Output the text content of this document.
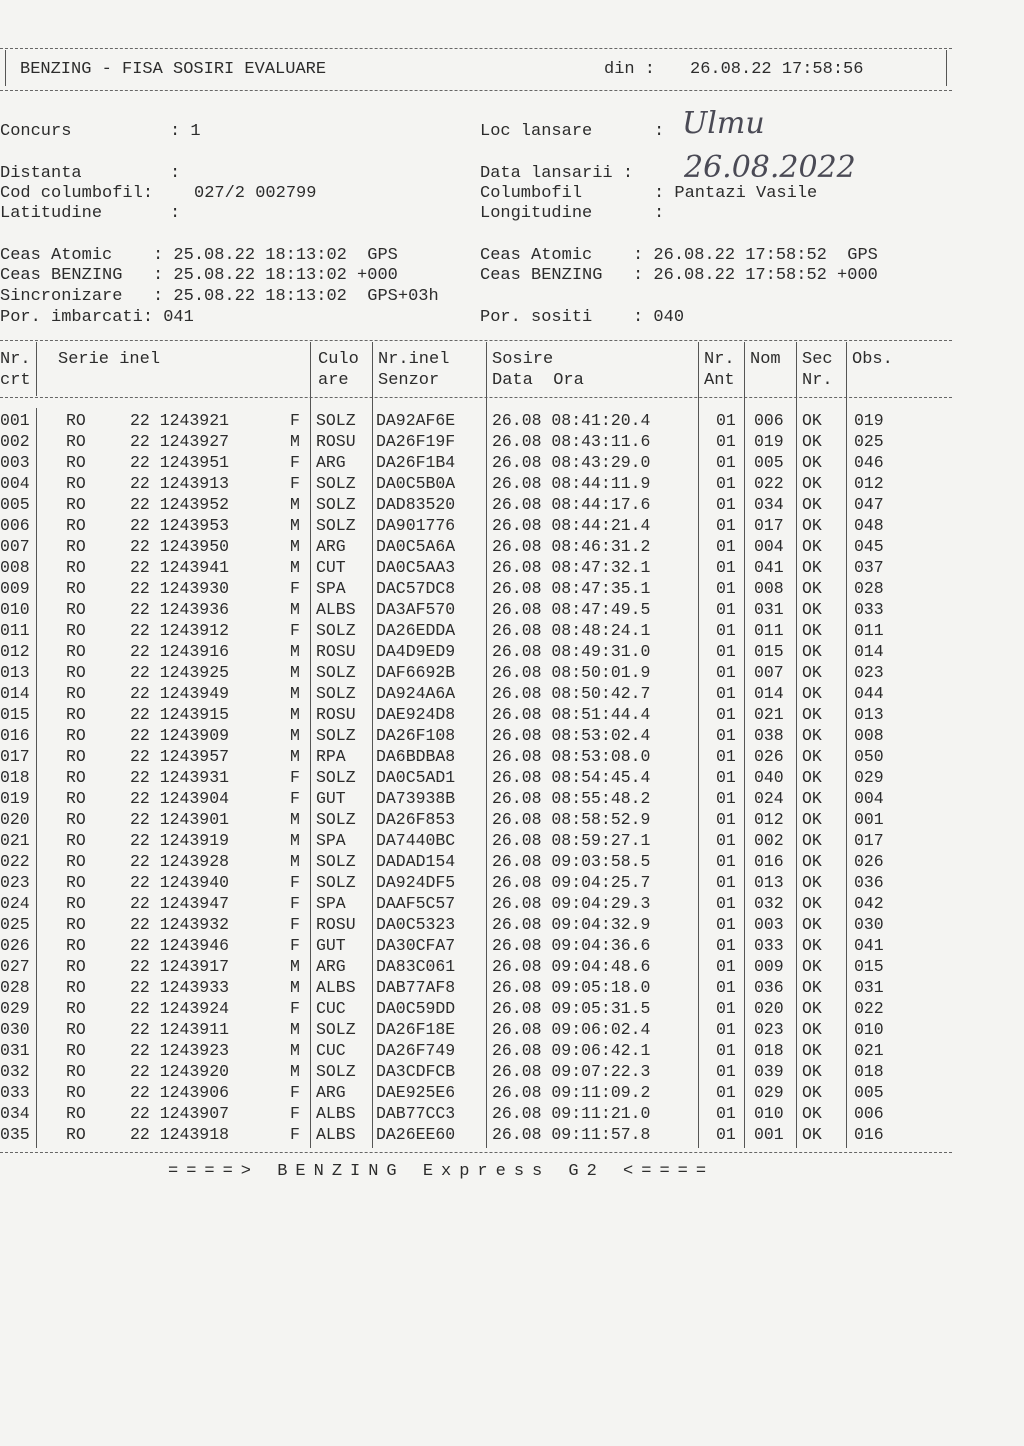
BENZING - FISA SOSIRI EVALUARE	din : 26.08.22 17:58:56
Concurs	: 1	Loc lansare	: Ulmu
Distanta	:	Data lansarii : 26.08.2022
Cod columbofil: 027/2 002799	Columbofil	: Pantazi Vasile
Latitudine	:	Longitudine	:
Ceas Atomic    : 25.08.22 18:13:02  GPS	Ceas Atomic    : 26.08.22 17:58:52  GPS
Ceas BENZING   : 25.08.22 18:13:02 +000	Ceas BENZING   : 26.08.22 17:58:52 +000
Sincronizare   : 25.08.22 18:13:02  GPS+03h
Por. imbarcati: 041	Por. sositi    : 040
Nr. Serie inel	Culo Nr.inel	Sosire	Nr. Nom Sec Obs.
crt	are Senzor	Data  Ora	Ant	Nr.
001 RO	22 1243921	F SOLZ DA92AF6E 26.08 08:41:20.4	01 006 OK 019
002 RO	22 1243927	M ROSU DA26F19F 26.08 08:43:11.6	01 019 OK 025
003 RO	22 1243951	F ARG DA26F1B4 26.08 08:43:29.0	01 005 OK 046
004 RO	22 1243913	F SOLZ DA0C5B0A 26.08 08:44:11.9	01 022 OK 012
005 RO	22 1243952	M SOLZ DAD83520 26.08 08:44:17.6	01 034 OK 047
006 RO	22 1243953	M SOLZ DA901776 26.08 08:44:21.4	01 017 OK 048
007 RO	22 1243950	M ARG DA0C5A6A 26.08 08:46:31.2	01 004 OK 045
008 RO	22 1243941	M CUT DA0C5AA3 26.08 08:47:32.1	01 041 OK 037
009 RO	22 1243930	F SPA DAC57DC8 26.08 08:47:35.1	01 008 OK 028
010 RO	22 1243936	M ALBS DA3AF570 26.08 08:47:49.5	01 031 OK 033
011 RO	22 1243912	F SOLZ DA26EDDA 26.08 08:48:24.1	01 011 OK 011
012 RO	22 1243916	M ROSU DA4D9ED9 26.08 08:49:31.0	01 015 OK 014
013 RO	22 1243925	M SOLZ DAF6692B 26.08 08:50:01.9	01 007 OK 023
014 RO	22 1243949	M SOLZ DA924A6A 26.08 08:50:42.7	01 014 OK 044
015 RO	22 1243915	M ROSU DAE924D8 26.08 08:51:44.4	01 021 OK 013
016 RO	22 1243909	M SOLZ DA26F108 26.08 08:53:02.4	01 038 OK 008
017 RO	22 1243957	M RPA DA6BDBA8 26.08 08:53:08.0	01 026 OK 050
018 RO	22 1243931	F SOLZ DA0C5AD1 26.08 08:54:45.4	01 040 OK 029
019 RO	22 1243904	F GUT DA73938B 26.08 08:55:48.2	01 024 OK 004
020 RO	22 1243901	M SOLZ DA26F853 26.08 08:58:52.9	01 012 OK 001
021 RO	22 1243919	M SPA DA7440BC 26.08 08:59:27.1	01 002 OK 017
022 RO	22 1243928	M SOLZ DADAD154 26.08 09:03:58.5	01 016 OK 026
023 RO	22 1243940	F SOLZ DA924DF5 26.08 09:04:25.7	01 013 OK 036
024 RO	22 1243947	F SPA DAAF5C57 26.08 09:04:29.3	01 032 OK 042
025 RO	22 1243932	F ROSU DA0C5323 26.08 09:04:32.9	01 003 OK 030
026 RO	22 1243946	F GUT DA30CFA7 26.08 09:04:36.6	01 033 OK 041
027 RO	22 1243917	M ARG DA83C061 26.08 09:04:48.6	01 009 OK 015
028 RO	22 1243933	M ALBS DAB77AF8 26.08 09:05:18.0	01 036 OK 031
029 RO	22 1243924	F CUC DA0C59DD 26.08 09:05:31.5	01 020 OK 022
030 RO	22 1243911	M SOLZ DA26F18E 26.08 09:06:02.4	01 023 OK 010
031 RO	22 1243923	M CUC DA26F749 26.08 09:06:42.1	01 018 OK 021
032 RO	22 1243920	M SOLZ DA3CDFCB 26.08 09:07:22.3	01 039 OK 018
033 RO	22 1243906	F ARG DAE925E6 26.08 09:11:09.2	01 029 OK 005
034 RO	22 1243907	F ALBS DAB77CC3 26.08 09:11:21.0	01 010 OK 006
035 RO	22 1243918	F ALBS DA26EE60 26.08 09:11:57.8	01 001 OK 016
====> BENZING Express G2 <====
